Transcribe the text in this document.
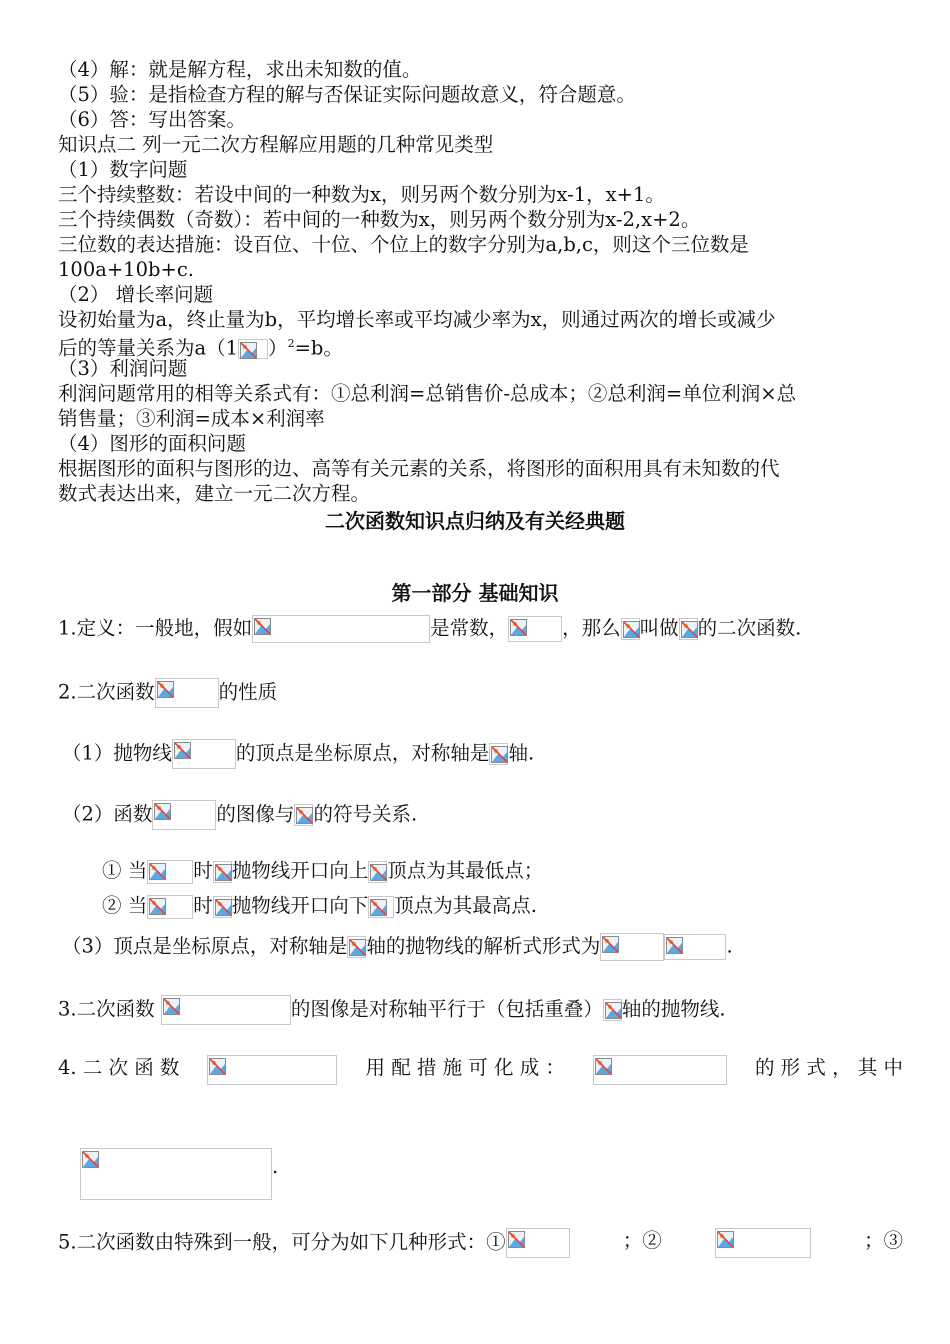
（4）解：就是解方程，求出未知数的值。
（5）验：是指检查方程的解与否保证实际问题故意义，符合题意。
（6）答：写出答案。
知识点二 列一元二次方程解应用题的几种常见类型
（1）数字问题
三个持续整数：若设中间的一种数为x，则另两个数分别为x-1，x+1。
三个持续偶数（奇数）：若中间的一种数为x，则另两个数分别为x-2,x+2。
三位数的表达措施：设百位、十位、个位上的数字分别为a,b,c，则这个三位数是
100a+10b+c.
（2） 增长率问题
设初始量为a，终止量为b，平均增长率或平均减少率为x，则通过两次的增长或减少
后的等量关系为a（1 ）$^2$=b。
（3）利润问题
利润问题常用的相等关系式有：①总利润=总销售价-总成本；②总利润=单位利润×总
销售量；③利润=成本×利润率
（4）图形的面积问题
根据图形的面积与图形的边、高等有关元素的关系，将图形的面积用具有未知数的代
数式表达出来，建立一元二次方程。
二次函数知识点归纳及有关经典题
第一部分 基础知识
1.定义：一般地，假如	是常数，	，那么 叫做 的二次函数.
2.二次函数	的性质
（1）抛物线	的顶点是坐标原点，对称轴是 轴.
（2）函数	的图像与 的符号关系.
① 当 时 抛物线开口向上 顶点为其最低点；
② 当 时 抛物线开口向下 顶点为其最高点.
（3）顶点是坐标原点，对称轴是 轴的抛物线的解析式形式为	.
3.二次函数	的图像是对称轴平行于（包括重叠） 轴的抛物线.
4. 二 次 函 数	用 配 措 施 可 化 成 ：	的 形 式 ， 其 中
.
5.二次函数由特殊到一般，可分为如下几种形式：①	；②	；③
